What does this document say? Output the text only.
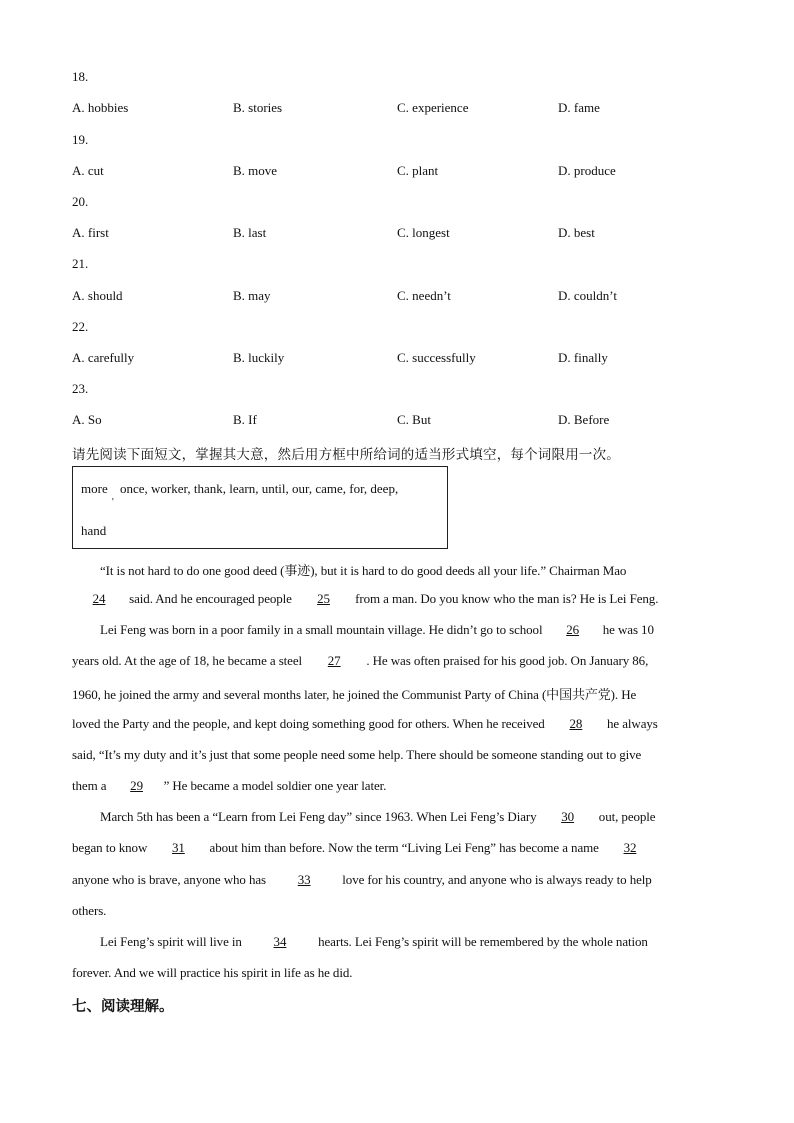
18.
A. hobbies	B. stories	C. experience	D. fame
19.
A. cut	B. move	C. plant	D. produce
20.
A. first	B. last	C. longest	D. best
21.
A. should	B. may	C. needn’t	D. couldn’t
22.
A. carefully	B. luckily	C. successfully	D. finally
23.
A. So	B. If	C. But	D. Before
请先阅读下面短文，掌握其大意，然后用方框中所给词的适当形式填空，每个词限用一次。
more once, worker, thank, learn, until, our, came, for, deep,
'
hand
“It is not hard to do one good deed (事迹), but it is hard to do good deeds all your life.” Chairman Mao
24 said. And he encouraged people 25 from a man. Do you know who the man is? He is Lei Feng.
Lei Feng was born in a poor family in a small mountain village. He didn’t go to school 26 he was 10
years old. At the age of 18, he became a steel 27 . He was often praised for his good job. On January 86,
1960, he joined the army and several months later, he joined the Communist Party of China (中国共产党). He
loved the Party and the people, and kept doing something good for others. When he received 28 he always
said, “It’s my duty and it’s just that some people need some help. There should be someone standing out to give
them a 29 ” He became a model soldier one year later.
March 5th has been a “Learn from Lei Feng day” since 1963. When Lei Feng’s Diary 30 out, people
began to know 31 about him than before. Now the term “Living Lei Feng” has become a name 32
anyone who is brave, anyone who has 33 love for his country, and anyone who is always ready to help
others.
Lei Feng’s spirit will live in 34 hearts. Lei Feng’s spirit will be remembered by the whole nation
forever. And we will practice his spirit in life as he did.
七、阅读理解。
